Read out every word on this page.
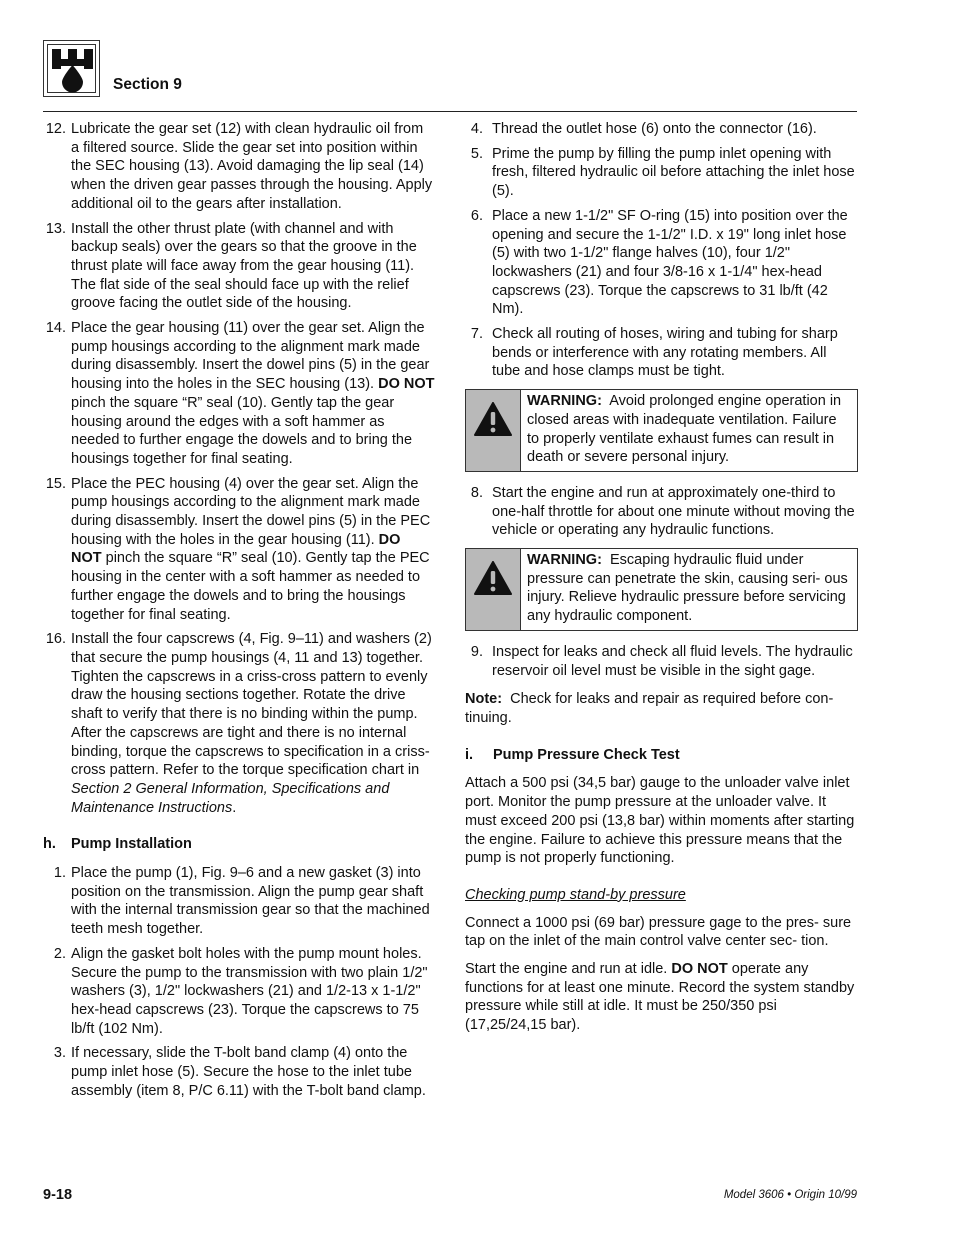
Section 9
12. Lubricate the gear set (12) with clean hydraulic oil from a filtered source. Slide the gear set into position within the SEC housing (13). Avoid damaging the lip seal (14) when the driven gear passes through the housing. Apply additional oil to the gears after installation.
13. Install the other thrust plate (with channel and with backup seals) over the gears so that the groove in the thrust plate will face away from the gear housing (11). The flat side of the seal should face up with the relief groove facing the outlet side of the housing.
14. Place the gear housing (11) over the gear set. Align the pump housings according to the alignment mark made during disassembly. Insert the dowel pins (5) in the gear housing into the holes in the SEC housing (13). DO NOT pinch the square “R” seal (10). Gently tap the gear housing around the edges with a soft hammer as needed to further engage the dowels and to bring the housings together for final seating.
15. Place the PEC housing (4) over the gear set. Align the pump housings according to the alignment mark made during disassembly. Insert the dowel pins (5) in the PEC housing with the holes in the gear housing (11). DO NOT pinch the square “R” seal (10). Gently tap the PEC housing in the center with a soft hammer as needed to further engage the dowels and to bring the housings together for final seating.
16. Install the four capscrews (4, Fig. 9–11) and washers (2) that secure the pump housings (4, 11 and 13) together. Tighten the capscrews in a criss-cross pattern to evenly draw the housing sections together. Rotate the drive shaft to verify that there is no binding within the pump. After the capscrews are tight and there is no internal binding, torque the capscrews to specification in a criss-cross pattern. Refer to the torque specification chart in Section 2 General Information, Specifications and Maintenance Instructions.
h. Pump Installation
1. Place the pump (1), Fig. 9–6 and a new gasket (3) into position on the transmission. Align the pump gear shaft with the internal transmission gear so that the machined teeth mesh together.
2. Align the gasket bolt holes with the pump mount holes. Secure the pump to the transmission with two plain 1/2" washers (3), 1/2" lockwashers (21) and 1/2-13 x 1-1/2" hex-head capscrews (23). Torque the capscrews to 75 lb/ft (102 Nm).
3. If necessary, slide the T-bolt band clamp (4) onto the pump inlet hose (5). Secure the hose to the inlet tube assembly (item 8, P/C 6.11) with the T-bolt band clamp.
4. Thread the outlet hose (6) onto the connector (16).
5. Prime the pump by filling the pump inlet opening with fresh, filtered hydraulic oil before attaching the inlet hose (5).
6. Place a new 1-1/2" SF O-ring (15) into position over the opening and secure the 1-1/2" I.D. x 19" long inlet hose (5) with two 1-1/2" flange halves (10), four 1/2" lockwashers (21) and four 3/8-16 x 1-1/4" hex-head capscrews (23). Torque the capscrews to 31 lb/ft (42 Nm).
7. Check all routing of hoses, wiring and tubing for sharp bends or interference with any rotating members. All tube and hose clamps must be tight.
WARNING: Avoid prolonged engine operation in closed areas with inadequate ventilation. Failure to properly ventilate exhaust fumes can result in death or severe personal injury.
8. Start the engine and run at approximately one-third to one-half throttle for about one minute without moving the vehicle or operating any hydraulic functions.
WARNING: Escaping hydraulic fluid under pressure can penetrate the skin, causing seri- ous injury. Relieve hydraulic pressure before servicing any hydraulic component.
9. Inspect for leaks and check all fluid levels. The hydraulic reservoir oil level must be visible in the sight gage.

Note: Check for leaks and repair as required before con- tinuing.

i. Pump Pressure Check Test

Attach a 500 psi (34,5 bar) gauge to the unloader valve inlet port. Monitor the pump pressure at the unloader valve. It must exceed 200 psi (13,8 bar) within moments after starting the engine. Failure to achieve this pressure means that the pump is not properly functioning.

Checking pump stand-by pressure

Connect a 1000 psi (69 bar) pressure gage to the pres- sure tap on the inlet of the main control valve center sec- tion.

Start the engine and run at idle. DO NOT operate any functions for at least one minute. Record the system standby pressure while still at idle. It must be 250/350 psi (17,25/24,15 bar).

9-18	Model 3606 • Origin 10/99
